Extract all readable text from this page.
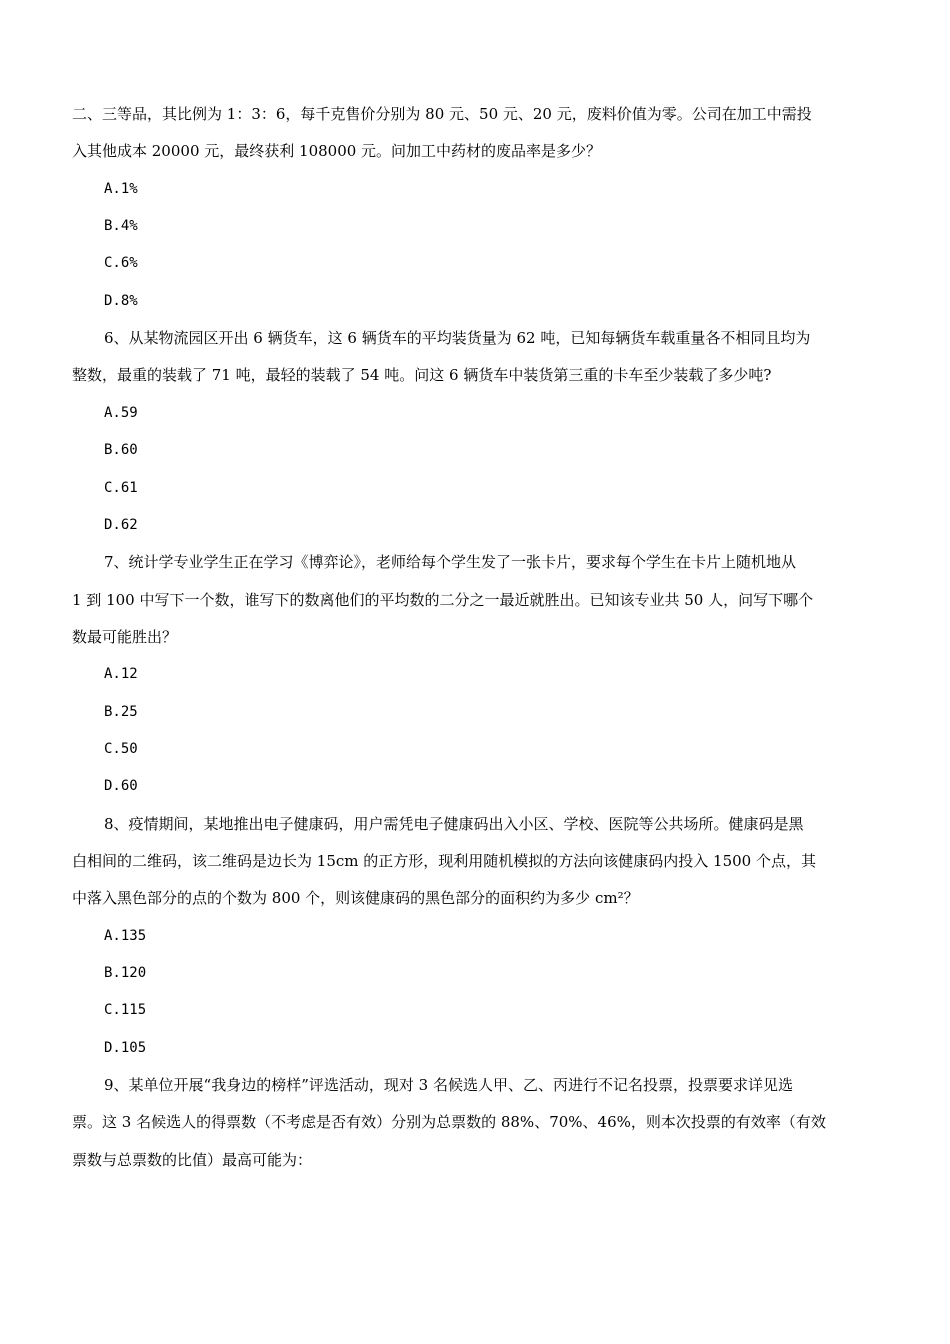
二、三等品，其比例为 1：3：6，每千克售价分别为 80 元、50 元、20 元，废料价值为零。公司在加工中需投
入其他成本 20000 元，最终获利 108000 元。问加工中药材的废品率是多少？
A.1%
B.4%
C.6%
D.8%
6、从某物流园区开出 6 辆货车，这 6 辆货车的平均装货量为 62 吨，已知每辆货车载重量各不相同且均为
整数，最重的装载了 71 吨，最轻的装载了 54 吨。问这 6 辆货车中装货第三重的卡车至少装载了多少吨?
A.59
B.60
C.61
D.62
7、统计学专业学生正在学习《博弈论》，老师给每个学生发了一张卡片，要求每个学生在卡片上随机地从
1 到 100 中写下一个数，谁写下的数离他们的平均数的二分之一最近就胜出。已知该专业共 50 人，问写下哪个
数最可能胜出？
A.12
B.25
C.50
D.60
8、疫情期间，某地推出电子健康码，用户需凭电子健康码出入小区、学校、医院等公共场所。健康码是黑
白相间的二维码，该二维码是边长为 15cm 的正方形，现利用随机模拟的方法向该健康码内投入 1500 个点，其
中落入黑色部分的点的个数为 800 个，则该健康码的黑色部分的面积约为多少 cm²？
A.135
B.120
C.115
D.105
9、某单位开展“我身边的榜样”评选活动，现对 3 名候选人甲、乙、丙进行不记名投票，投票要求详见选
票。这 3 名候选人的得票数（不考虑是否有效）分别为总票数的 88%、70%、46%，则本次投票的有效率（有效
票数与总票数的比值）最高可能为：
